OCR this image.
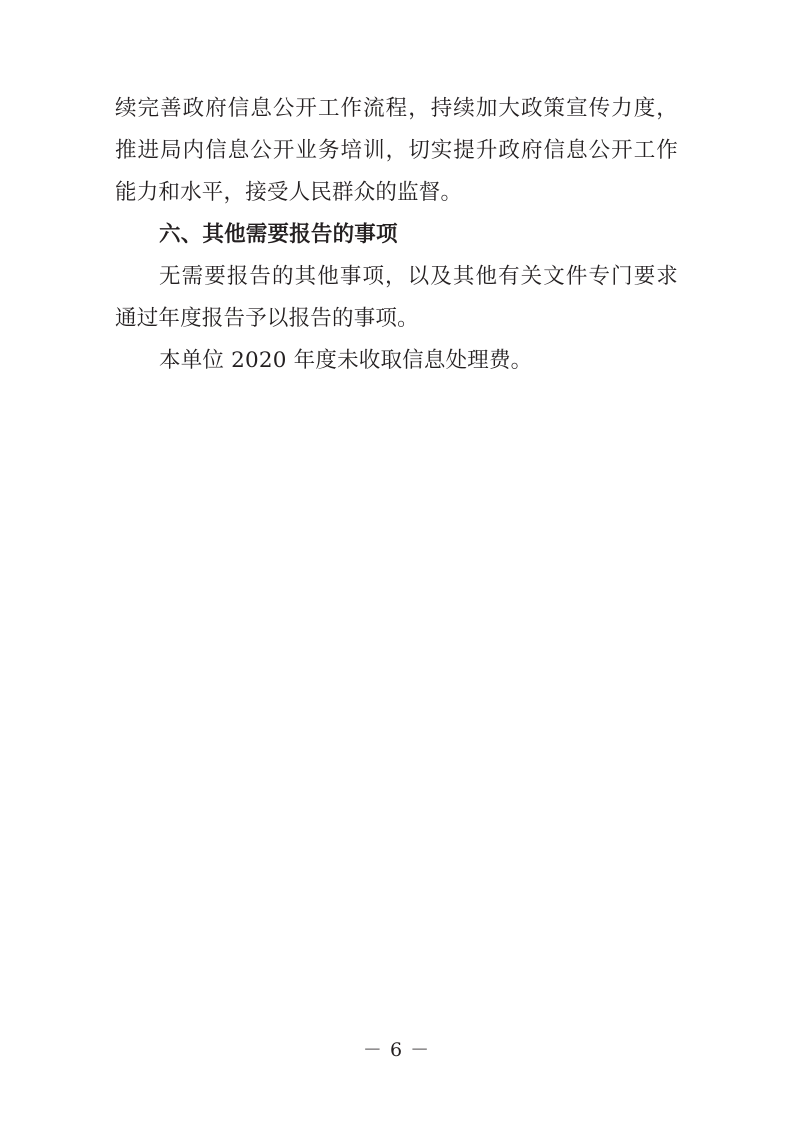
续完善政府信息公开工作流程，持续加大政策宣传力度，推进局内信息公开业务培训，切实提升政府信息公开工作能力和水平，接受人民群众的监督。

六、其他需要报告的事项

无需要报告的其他事项，以及其他有关文件专门要求通过年度报告予以报告的事项。

本单位 2020 年度未收取信息处理费。

－ 6 －
